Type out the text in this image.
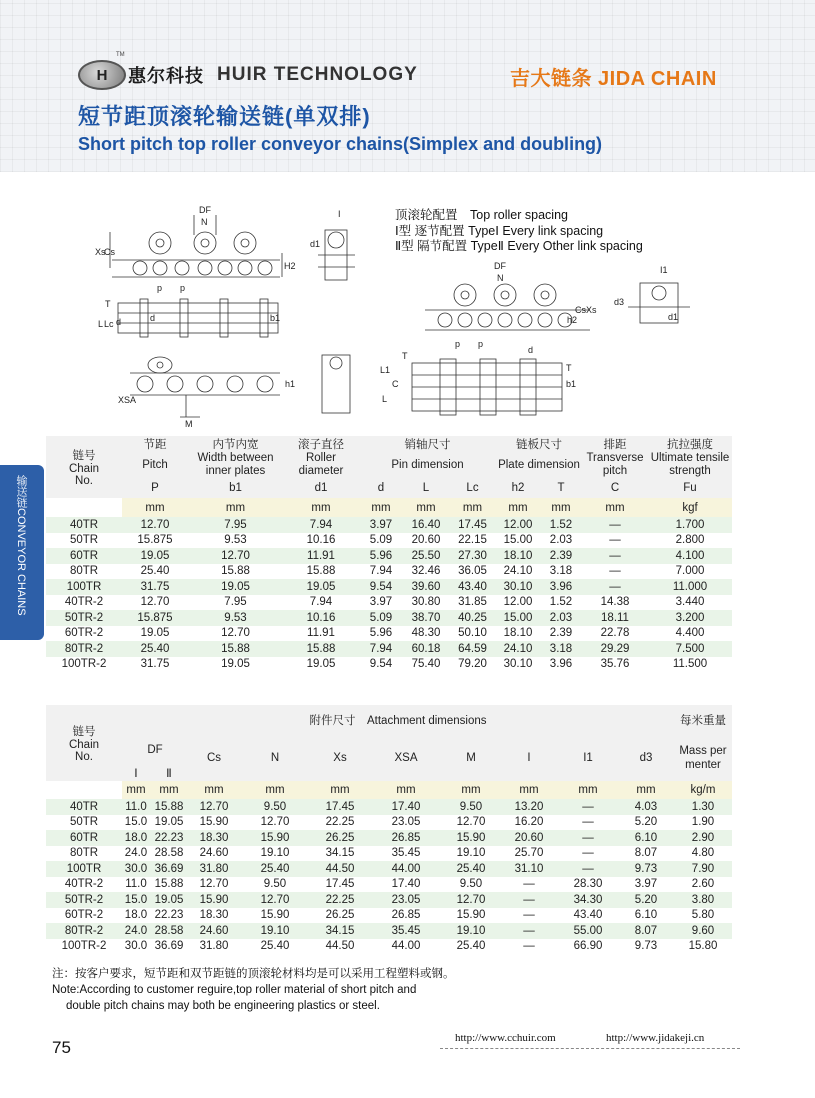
H
TM
惠尔科技 HUIR TECHNOLOGY	吉大链条 JIDA CHAIN
短节距顶滚轮输送链(单双排)
Short pitch top roller conveyor chains(Simplex and doubling)
输送链CONVEYOR CHAINS
顶滚轮配置　Top roller spacing
Ⅰ型 逐节配置 TypeⅠ Every link spacing
Ⅱ型 隔节配置 TypeⅡ Every Other link spacing
DF
N
Xs
Cs
H2
p p
T
L Lc d	d	b1
d1
I
DF
N
Cs Xs
h2
p p
d3
I1
d1
T
L1
C
L
d
T
b1
XSA
M
h1
链号
Chain No.	节距	内节内宽	滚子直径	销轴尺寸			链板尺寸		排距	抗拉强度
	Pitch	Width between inner plates	Roller diameter	Pin dimension			Plate dimension		Transverse pitch	Ultimate tensile strength
	P	b1	d1	d	L	Lc	h2	T	C	Fu
	mm	mm	mm	mm	mm	mm	mm	mm	mm	kgf
40TR	12.70	7.95	7.94	3.97	16.40	17.45	12.00	1.52	—	1.700
50TR	15.875	9.53	10.16	5.09	20.60	22.15	15.00	2.03	—	2.800
60TR	19.05	12.70	11.91	5.96	25.50	27.30	18.10	2.39	—	4.100
80TR	25.40	15.88	15.88	7.94	32.46	36.05	24.10	3.18	—	7.000
100TR	31.75	19.05	19.05	9.54	39.60	43.40	30.10	3.96	—	11.000
40TR-2	12.70	7.95	7.94	3.97	30.80	31.85	12.00	1.52	14.38	3.440
50TR-2	15.875	9.53	10.16	5.09	38.70	40.25	15.00	2.03	18.11	3.200
60TR-2	19.05	12.70	11.91	5.96	48.30	50.10	18.10	2.39	22.78	4.400
80TR-2	25.40	15.88	15.88	7.94	60.18	64.59	24.10	3.18	29.29	7.500
100TR-2	31.75	19.05	19.05	9.54	75.40	79.20	30.10	3.96	35.76	11.500
链号
Chain No.	附件尺寸　Attachment dimensions										每米重量
	DF		Cs	N	Xs	XSA	M	I	I1	d3	Mass per menter
	Ⅰ	Ⅱ									
	mm	mm	mm	mm	mm	mm	mm	mm	mm	mm	kg/m
40TR	11.0	15.88	12.70	9.50	17.45	17.40	9.50	13.20	—	4.03	1.30
50TR	15.0	19.05	15.90	12.70	22.25	23.05	12.70	16.20	—	5.20	1.90
60TR	18.0	22.23	18.30	15.90	26.25	26.85	15.90	20.60	—	6.10	2.90
80TR	24.0	28.58	24.60	19.10	34.15	35.45	19.10	25.70	—	8.07	4.80
100TR	30.0	36.69	31.80	25.40	44.50	44.00	25.40	31.10	—	9.73	7.90
40TR-2	11.0	15.88	12.70	9.50	17.45	17.40	9.50	—	28.30	3.97	2.60
50TR-2	15.0	19.05	15.90	12.70	22.25	23.05	12.70	—	34.30	5.20	3.80
60TR-2	18.0	22.23	18.30	15.90	26.25	26.85	15.90	—	43.40	6.10	5.80
80TR-2	24.0	28.58	24.60	19.10	34.15	35.45	19.10	—	55.00	8.07	9.60
100TR-2	30.0	36.69	31.80	25.40	44.50	44.00	25.40	—	66.90	9.73	15.80
注：按客户要求，短节距和双节距链的顶滚轮材料均是可以采用工程塑料或钢。
Note:According to customer reguire,top roller material of short pitch and
double pitch chains may both be engineering plastics or steel.
75	http://www.cchuir.com	http://www.jidakeji.cn
